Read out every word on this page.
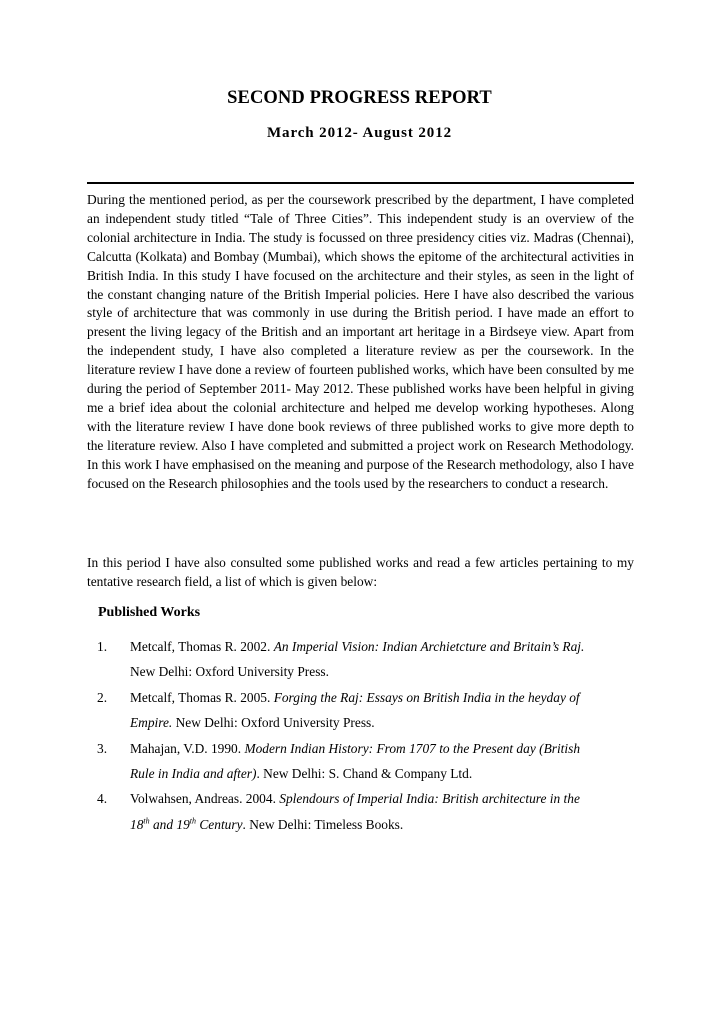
SECOND PROGRESS REPORT
March 2012- August 2012

During the mentioned period, as per the coursework prescribed by the department, I have completed an independent study titled “Tale of Three Cities”. This independent study is an overview of the colonial architecture in India. The study is focussed on three presidency cities viz. Madras (Chennai), Calcutta (Kolkata) and Bombay (Mumbai), which shows the epitome of the architectural activities in British India. In this study I have focused on the architecture and their styles, as seen in the light of the constant changing nature of the British Imperial policies. Here I have also described the various style of architecture that was commonly in use during the British period. I have made an effort to present the living legacy of the British and an important art heritage in a Birdseye view. Apart from the independent study, I have also completed a literature review as per the coursework. In the literature review I have done a review of fourteen published works, which have been consulted by me during the period of September 2011- May 2012. These published works have been helpful in giving me a brief idea about the colonial architecture and helped me develop working hypotheses. Along with the literature review I have done book reviews of three published works to give more depth to the literature review. Also I have completed and submitted a project work on Research Methodology. In this work I have emphasised on the meaning and purpose of the Research methodology, also I have focused on the Research philosophies and the tools used by the researchers to conduct a research.

In this period I have also consulted some published works and read a few articles pertaining to my tentative research field, a list of which is given below:

Published Works
1. Metcalf, Thomas R. 2002. An Imperial Vision: Indian Archietcture and Britain’s Raj.
New Delhi: Oxford University Press.
2. Metcalf, Thomas R. 2005. Forging the Raj: Essays on British India in the heyday of
Empire. New Delhi: Oxford University Press.
3. Mahajan, V.D. 1990. Modern Indian History: From 1707 to the Present day (British
Rule in India and after). New Delhi: S. Chand & Company Ltd.
4. Volwahsen, Andreas. 2004. Splendours of Imperial India: British architecture in the
18th and 19th Century. New Delhi: Timeless Books.
